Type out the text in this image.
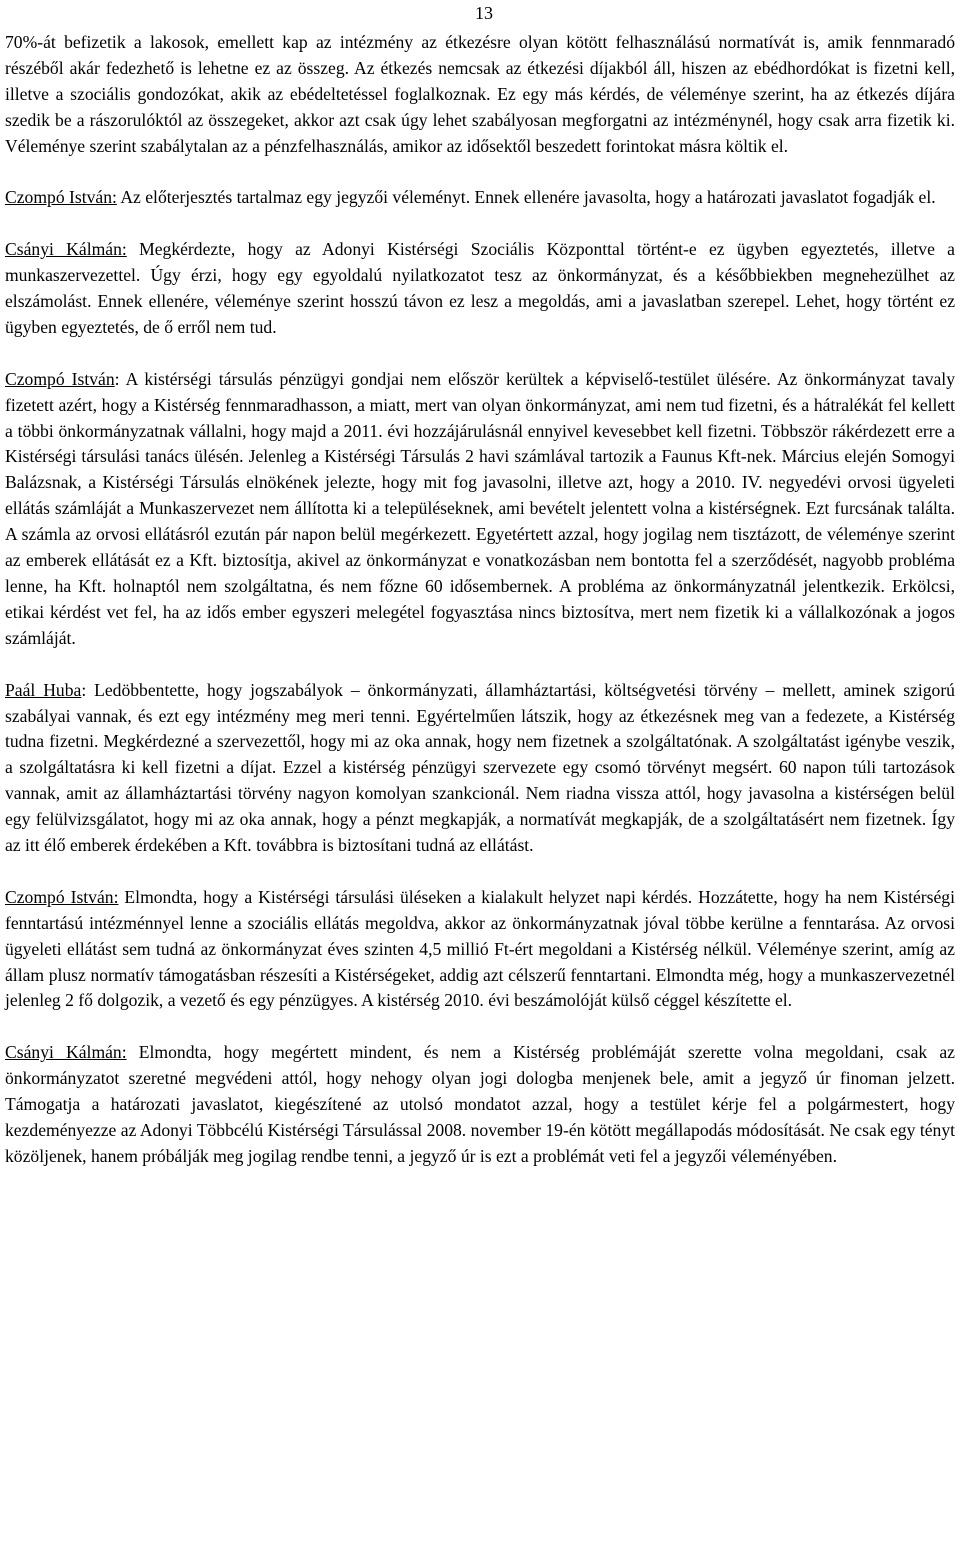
13

70%-át befizetik a lakosok, emellett kap az intézmény az étkezésre olyan kötött felhasználású normatívát is, amik fennmaradó részéből akár fedezhető is lehetne ez az összeg. Az étkezés nemcsak az étkezési díjakból áll, hiszen az ebédhordókat is fizetni kell, illetve a szociális gondozókat, akik az ebédeltetéssel foglalkoznak. Ez egy más kérdés, de véleménye szerint, ha az étkezés díjára szedik be a rászorulóktól az összegeket, akkor azt csak úgy lehet szabályosan megforgatni az intézménynél, hogy csak arra fizetik ki. Véleménye szerint szabálytalan az a pénzfelhasználás, amikor az idősektől beszedett forintokat másra költik el.

Czompó István: Az előterjesztés tartalmaz egy jegyzői véleményt. Ennek ellenére javasolta, hogy a határozati javaslatot fogadják el.

Csányi Kálmán: Megkérdezte, hogy az Adonyi Kistérségi Szociális Központtal történt-e ez ügyben egyeztetés, illetve a munkaszervezettel. Úgy érzi, hogy egy egyoldalú nyilatkozatot tesz az önkormányzat, és a későbbiekben megnehezülhet az elszámolást. Ennek ellenére, véleménye szerint hosszú távon ez lesz a megoldás, ami a javaslatban szerepel. Lehet, hogy történt ez ügyben egyeztetés, de ő erről nem tud.

Czompó István: A kistérségi társulás pénzügyi gondjai nem először kerültek a képviselő-testület ülésére. Az önkormányzat tavaly fizetett azért, hogy a Kistérség fennmaradhasson, a miatt, mert van olyan önkormányzat, ami nem tud fizetni, és a hátralékát fel kellett a többi önkormányzatnak vállalni, hogy majd a 2011. évi hozzájárulásnál ennyivel kevesebbet kell fizetni. Többször rákérdezett erre a Kistérségi társulási tanács ülésén. Jelenleg a Kistérségi Társulás 2 havi számlával tartozik a Faunus Kft-nek. Március elején Somogyi Balázsnak, a Kistérségi Társulás elnökének jelezte, hogy mit fog javasolni, illetve azt, hogy a 2010. IV. negyedévi orvosi ügyeleti ellátás számláját a Munkaszervezet nem állította ki a településeknek, ami bevételt jelentett volna a kistérségnek. Ezt furcsának találta. A számla az orvosi ellátásról ezután pár napon belül megérkezett. Egyetértett azzal, hogy jogilag nem tisztázott, de véleménye szerint az emberek ellátását ez a Kft. biztosítja, akivel az önkormányzat e vonatkozásban nem bontotta fel a szerződését, nagyobb probléma lenne, ha Kft. holnaptól nem szolgáltatna, és nem főzne 60 idősembernek. A probléma az önkormányzatnál jelentkezik. Erkölcsi, etikai kérdést vet fel, ha az idős ember egyszeri melegétel fogyasztása nincs biztosítva, mert nem fizetik ki a vállalkozónak a jogos számláját.

Paál Huba: Ledöbbentette, hogy jogszabályok – önkormányzati, államháztartási, költségvetési törvény – mellett, aminek szigorú szabályai vannak, és ezt egy intézmény meg meri tenni. Egyértelműen látszik, hogy az étkezésnek meg van a fedezete, a Kistérség tudna fizetni. Megkérdezné a szervezettől, hogy mi az oka annak, hogy nem fizetnek a szolgáltatónak. A szolgáltatást igénybe veszik, a szolgáltatásra ki kell fizetni a díjat. Ezzel a kistérség pénzügyi szervezete egy csomó törvényt megsért. 60 napon túli tartozások vannak, amit az államháztartási törvény nagyon komolyan szankcionál. Nem riadna vissza attól, hogy javasolna a kistérségen belül egy felülvizsgálatot, hogy mi az oka annak, hogy a pénzt megkapják, a normatívát megkapják, de a szolgáltatásért nem fizetnek. Így az itt élő emberek érdekében a Kft. továbbra is biztosítani tudná az ellátást.

Czompó István: Elmondta, hogy a Kistérségi társulási üléseken a kialakult helyzet napi kérdés. Hozzátette, hogy ha nem Kistérségi fenntartású intézménnyel lenne a szociális ellátás megoldva, akkor az önkormányzatnak jóval többe kerülne a fenntarása. Az orvosi ügyeleti ellátást sem tudná az önkormányzat éves szinten 4,5 millió Ft-ért megoldani a Kistérség nélkül. Véleménye szerint, amíg az állam plusz normatív támogatásban részesíti a Kistérségeket, addig azt célszerű fenntartani. Elmondta még, hogy a munkaszervezetnél jelenleg 2 fő dolgozik, a vezető és egy pénzügyes. A kistérség 2010. évi beszámolóját külső céggel készítette el.

Csányi Kálmán: Elmondta, hogy megértett mindent, és nem a Kistérség problémáját szerette volna megoldani, csak az önkormányzatot szeretné megvédeni attól, hogy nehogy olyan jogi dologba menjenek bele, amit a jegyző úr finoman jelzett. Támogatja a határozati javaslatot, kiegészítené az utolsó mondatot azzal, hogy a testület kérje fel a polgármestert, hogy kezdeményezze az Adonyi Többcélú Kistérségi Társulással 2008. november 19-én kötött megállapodás módosítását. Ne csak egy tényt közöljenek, hanem próbálják meg jogilag rendbe tenni, a jegyző úr is ezt a problémát veti fel a jegyzői véleményében.
